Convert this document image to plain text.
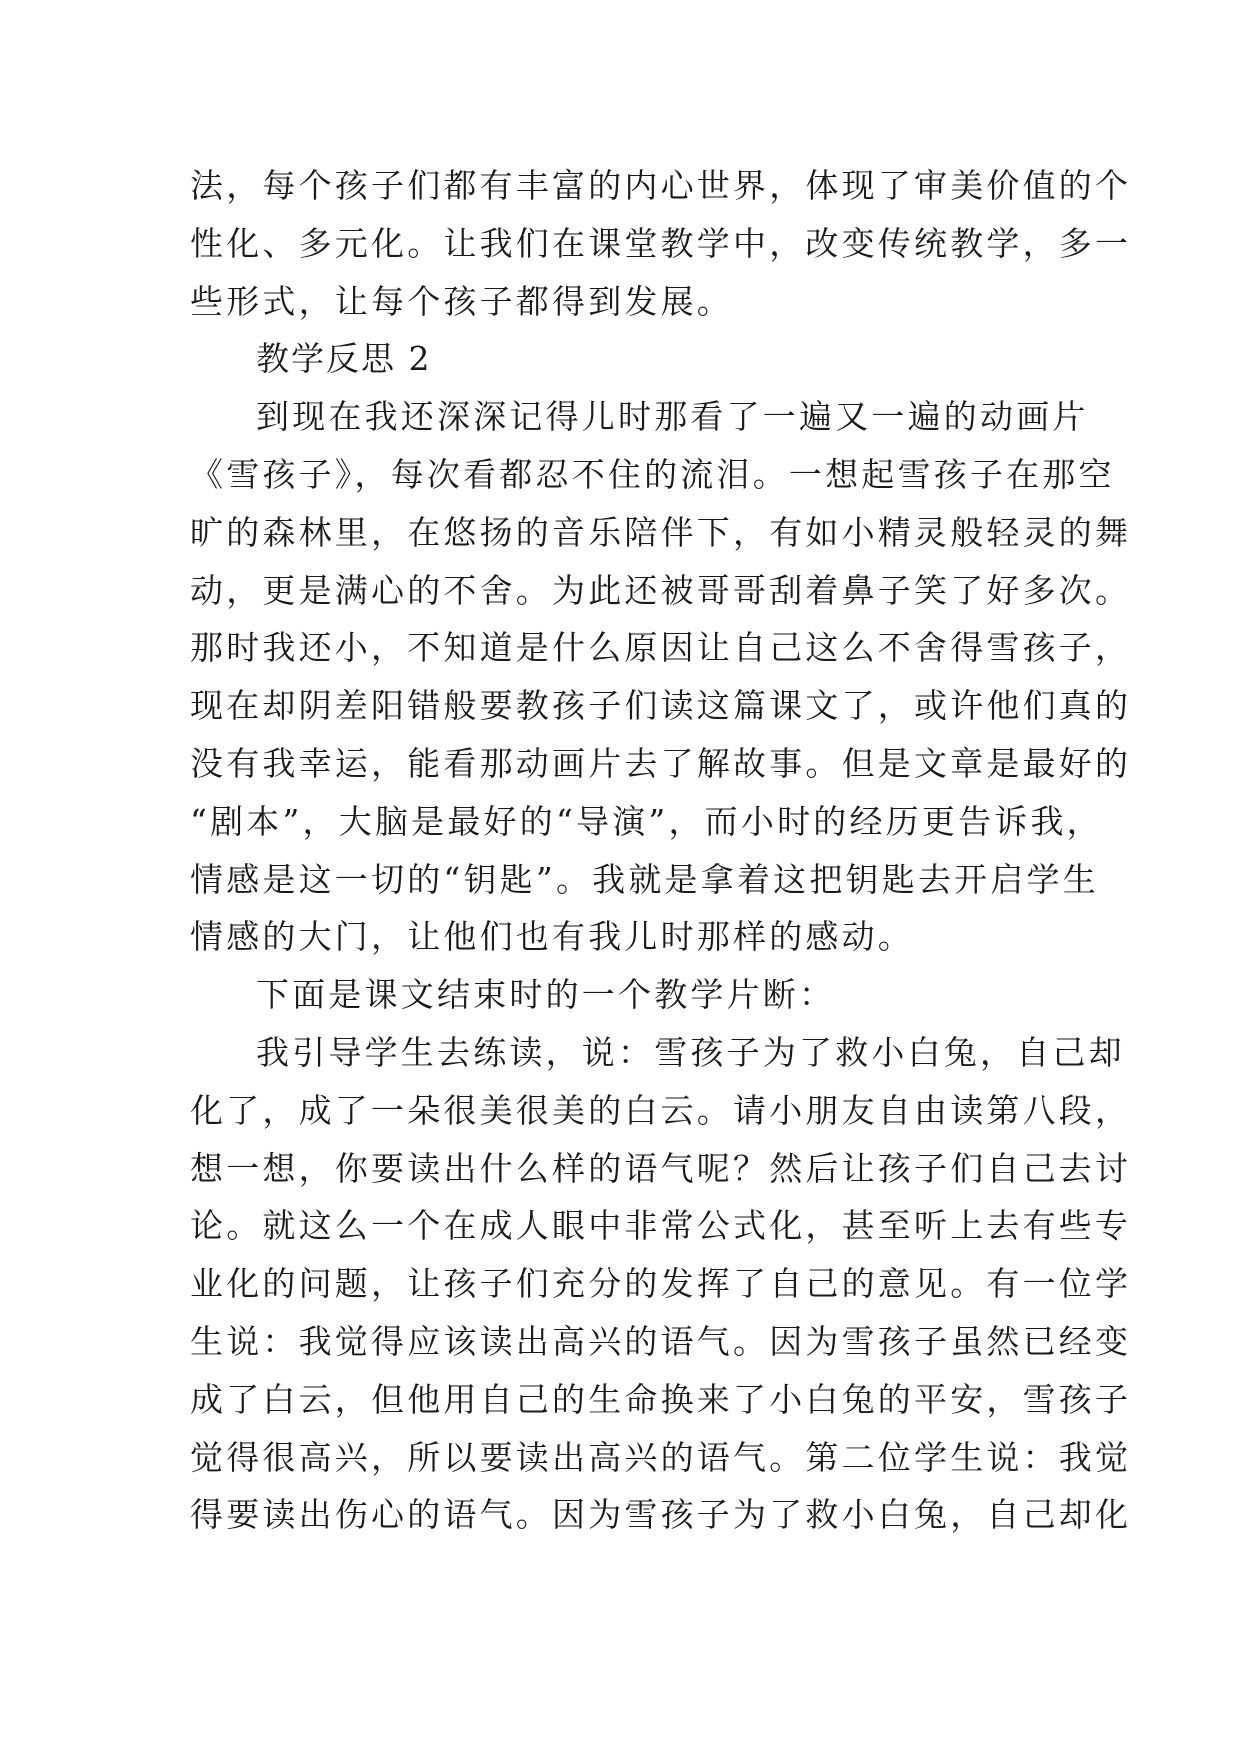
法，每个孩子们都有丰富的内心世界，体现了审美价值的个
性化、多元化。让我们在课堂教学中，改变传统教学，多一
些形式，让每个孩子都得到发展。
教学反思 2
到现在我还深深记得儿时那看了一遍又一遍的动画片
《雪孩子》，每次看都忍不住的流泪。一想起雪孩子在那空
旷的森林里，在悠扬的音乐陪伴下，有如小精灵般轻灵的舞
动，更是满心的不舍。为此还被哥哥刮着鼻子笑了好多次。
那时我还小，不知道是什么原因让自己这么不舍得雪孩子，
现在却阴差阳错般要教孩子们读这篇课文了，或许他们真的
没有我幸运，能看那动画片去了解故事。但是文章是最好的
“剧本”，大脑是最好的“导演”，而小时的经历更告诉我，
情感是这一切的“钥匙”。我就是拿着这把钥匙去开启学生
情感的大门，让他们也有我儿时那样的感动。
下面是课文结束时的一个教学片断：
我引导学生去练读，说：雪孩子为了救小白兔，自己却
化了，成了一朵很美很美的白云。请小朋友自由读第八段，
想一想，你要读出什么样的语气呢？然后让孩子们自己去讨
论。就这么一个在成人眼中非常公式化，甚至听上去有些专
业化的问题，让孩子们充分的发挥了自己的意见。有一位学
生说：我觉得应该读出高兴的语气。因为雪孩子虽然已经变
成了白云，但他用自己的生命换来了小白兔的平安，雪孩子
觉得很高兴，所以要读出高兴的语气。第二位学生说：我觉
得要读出伤心的语气。因为雪孩子为了救小白兔，自己却化
